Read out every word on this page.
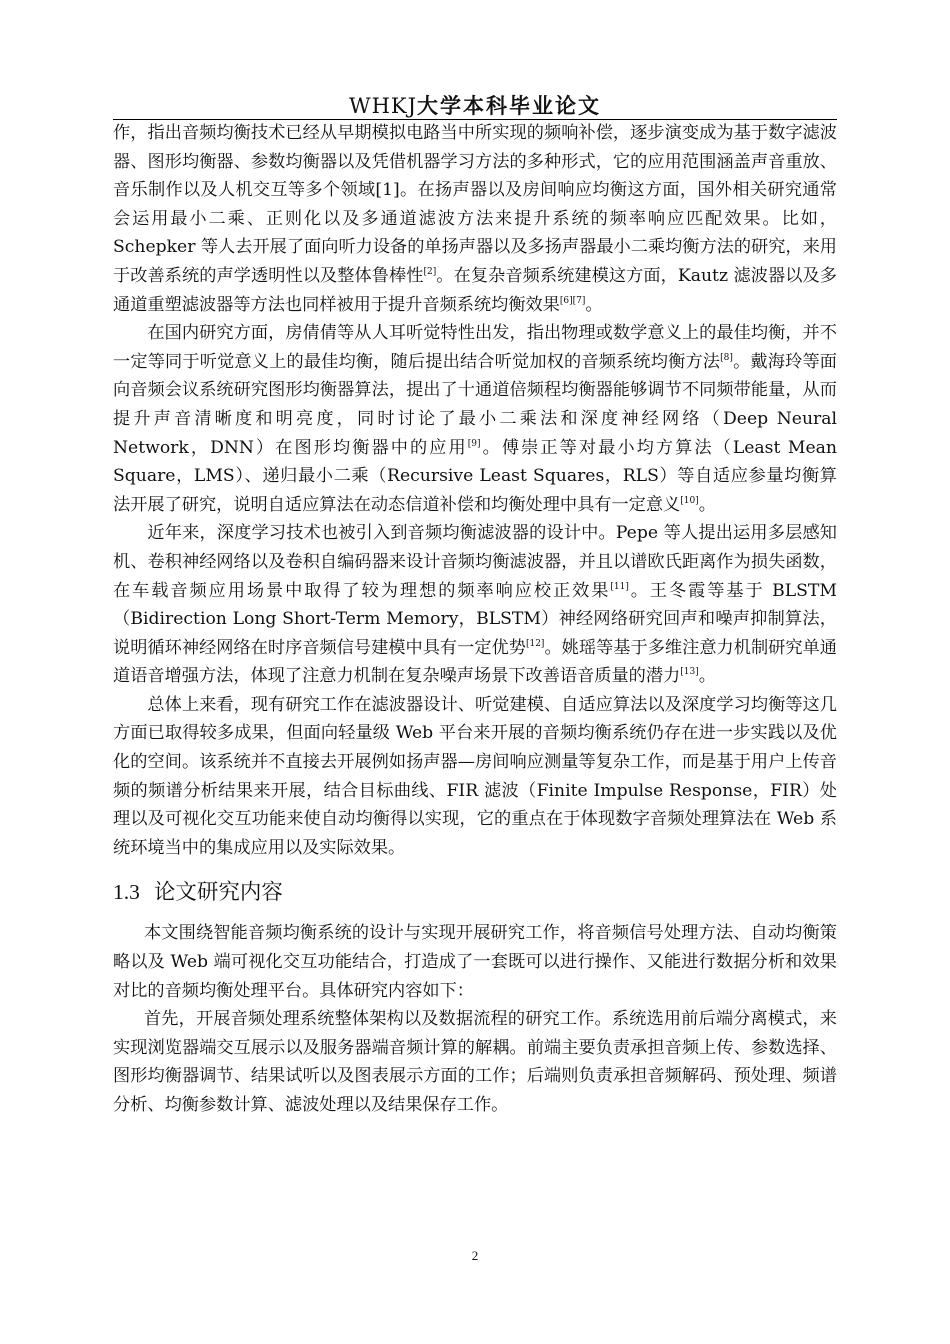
WHKJ大学本科毕业论文

作，指出音频均衡技术已经从早期模拟电路当中所实现的频响补偿，逐步演变成为基于数字滤波器、图形均衡器、参数均衡器以及凭借机器学习方法的多种形式，它的应用范围涵盖声音重放、音乐制作以及人机交互等多个领域[1]。在扬声器以及房间响应均衡这方面，国外相关研究通常会运用最小二乘、正则化以及多通道滤波方法来提升系统的频率响应匹配效果。比如，Schepker 等人去开展了面向听力设备的单扬声器以及多扬声器最小二乘均衡方法的研究，来用于改善系统的声学透明性以及整体鲁棒性[2]。在复杂音频系统建模这方面，Kautz 滤波器以及多通道重塑滤波器等方法也同样被用于提升音频系统均衡效果[6][7]。

在国内研究方面，房倩倩等从人耳听觉特性出发，指出物理或数学意义上的最佳均衡，并不一定等同于听觉意义上的最佳均衡，随后提出结合听觉加权的音频系统均衡方法[8]。戴海玲等面向音频会议系统研究图形均衡器算法，提出了十通道倍频程均衡器能够调节不同频带能量，从而提升声音清晰度和明亮度，同时讨论了最小二乘法和深度神经网络（Deep Neural Network，DNN）在图形均衡器中的应用[9]。傅崇正等对最小均方算法（Least Mean Square，LMS）、递归最小二乘（Recursive Least Squares，RLS）等自适应参量均衡算法开展了研究，说明自适应算法在动态信道补偿和均衡处理中具有一定意义[10]。

近年来，深度学习技术也被引入到音频均衡滤波器的设计中。Pepe 等人提出运用多层感知机、卷积神经网络以及卷积自编码器来设计音频均衡滤波器，并且以谱欧氏距离作为损失函数，在车载音频应用场景中取得了较为理想的频率响应校正效果[11]。王冬霞等基于 BLSTM（Bidirection Long Short-Term Memory，BLSTM）神经网络研究回声和噪声抑制算法，说明循环神经网络在时序音频信号建模中具有一定优势[12]。姚瑶等基于多维注意力机制研究单通道语音增强方法，体现了注意力机制在复杂噪声场景下改善语音质量的潜力[13]。

总体上来看，现有研究工作在滤波器设计、听觉建模、自适应算法以及深度学习均衡等这几方面已取得较多成果，但面向轻量级 Web 平台来开展的音频均衡系统仍存在进一步实践以及优化的空间。该系统并不直接去开展例如扬声器—房间响应测量等复杂工作，而是基于用户上传音频的频谱分析结果来开展，结合目标曲线、FIR 滤波（Finite Impulse Response，FIR）处理以及可视化交互功能来使自动均衡得以实现，它的重点在于体现数字音频处理算法在 Web 系统环境当中的集成应用以及实际效果。

1.3 论文研究内容

本文围绕智能音频均衡系统的设计与实现开展研究工作，将音频信号处理方法、自动均衡策略以及 Web 端可视化交互功能结合，打造成了一套既可以进行操作、又能进行数据分析和效果对比的音频均衡处理平台。具体研究内容如下：

首先，开展音频处理系统整体架构以及数据流程的研究工作。系统选用前后端分离模式，来实现浏览器端交互展示以及服务器端音频计算的解耦。前端主要负责承担音频上传、参数选择、图形均衡器调节、结果试听以及图表展示方面的工作；后端则负责承担音频解码、预处理、频谱分析、均衡参数计算、滤波处理以及结果保存工作。

2
